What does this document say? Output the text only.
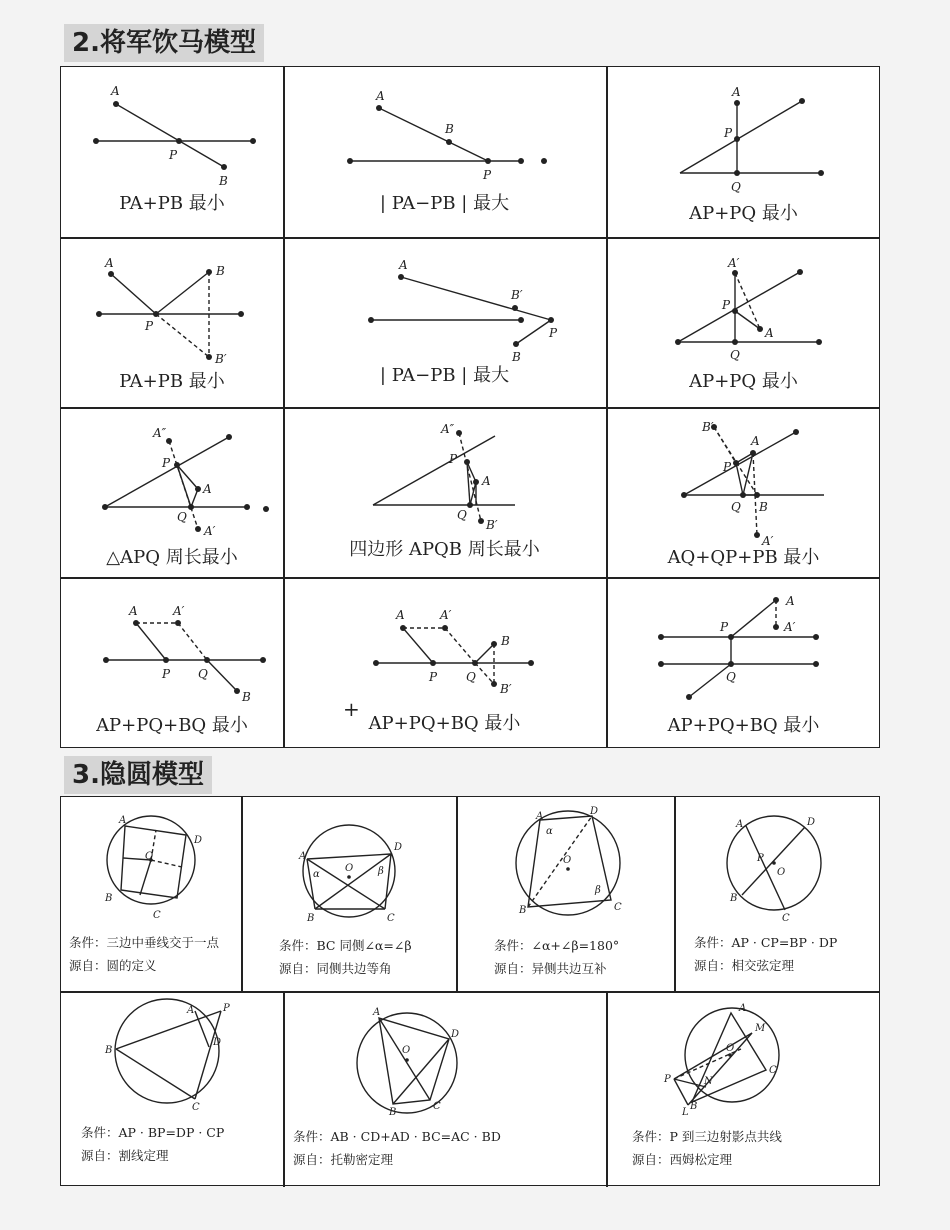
2.将军饮马模型
A
P
B
PA+PB 最小
A
B
P
| PA−PB | 最大
A
P
Q
AP+PQ 最小
A
B
P
B′
PA+PB 最小
A
B′
P
B
| PA−PB | 最大
A′
P
A
Q
AP+PQ 最小
A″
P
A
Q
A′
△APQ 周长最小
A″
P
A
Q
B′
四边形 APQB 周长最小
B′
A
P
Q B
A′
AQ+QP+PB 最小
A	A′
P Q
B
AP+PQ+BQ 最小
A	A′
B
P Q
B′
+
AP+PQ+BQ 最小
A
A′
P
Q
AP+PQ+BQ 最小
3.隐圆模型
A
D
O
B
C
条件：三边中垂线交于一点
源自：圆的定义
A
D
O
B	C
α	β
条件：BC 同侧∠α=∠β
源自：同侧共边等角
A	D
O
B	C
α
β
条件：∠α+∠β=180°
源自：异侧共边互补
A	D
P
O
B
C
条件：AP · CP=BP · DP
源自：相交弦定理
A	P
B
D
C
条件：AP · BP=DP · CP
源自：割线定理
A
D
O
B
C
条件：AB · CD+AD · BC=AC · BD
源自：托勒密定理
A
M
O
P	N
C
L
B
条件：P 到三边射影点共线
源自：西姆松定理
